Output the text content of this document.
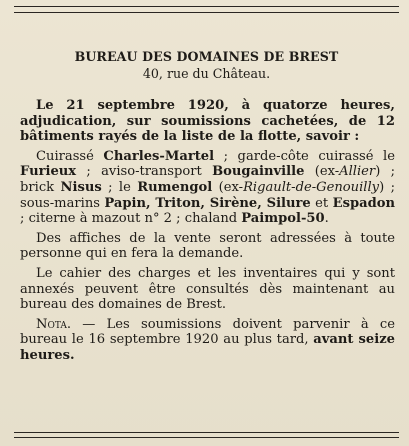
BUREAU DES DOMAINES DE BREST
40, rue du Château.

Le 21 septembre 1920, à quatorze heures, adjudication, sur soumissions cachetées, de 12 bâtiments rayés de la liste de la flotte, savoir :

Cuirassé Charles-Martel ; garde-côte cuirassé le Furieux ; aviso-transport Bougainville (ex-Allier) ; brick Nisus ; le Rumengol (ex-Rigault-de-Genouilly) ; sous-marins Papin, Triton, Sirène, Silure et Espadon ; citerne à mazout n° 2 ; chaland Paimpol-50.

Des affiches de la vente seront adressées à toute personne qui en fera la demande.

Le cahier des charges et les inventaires qui y sont annexés peuvent être consultés dès maintenant au bureau des domaines de Brest.

Nota. — Les soumissions doivent parvenir à ce bureau le 16 septembre 1920 au plus tard, avant seize heures.
